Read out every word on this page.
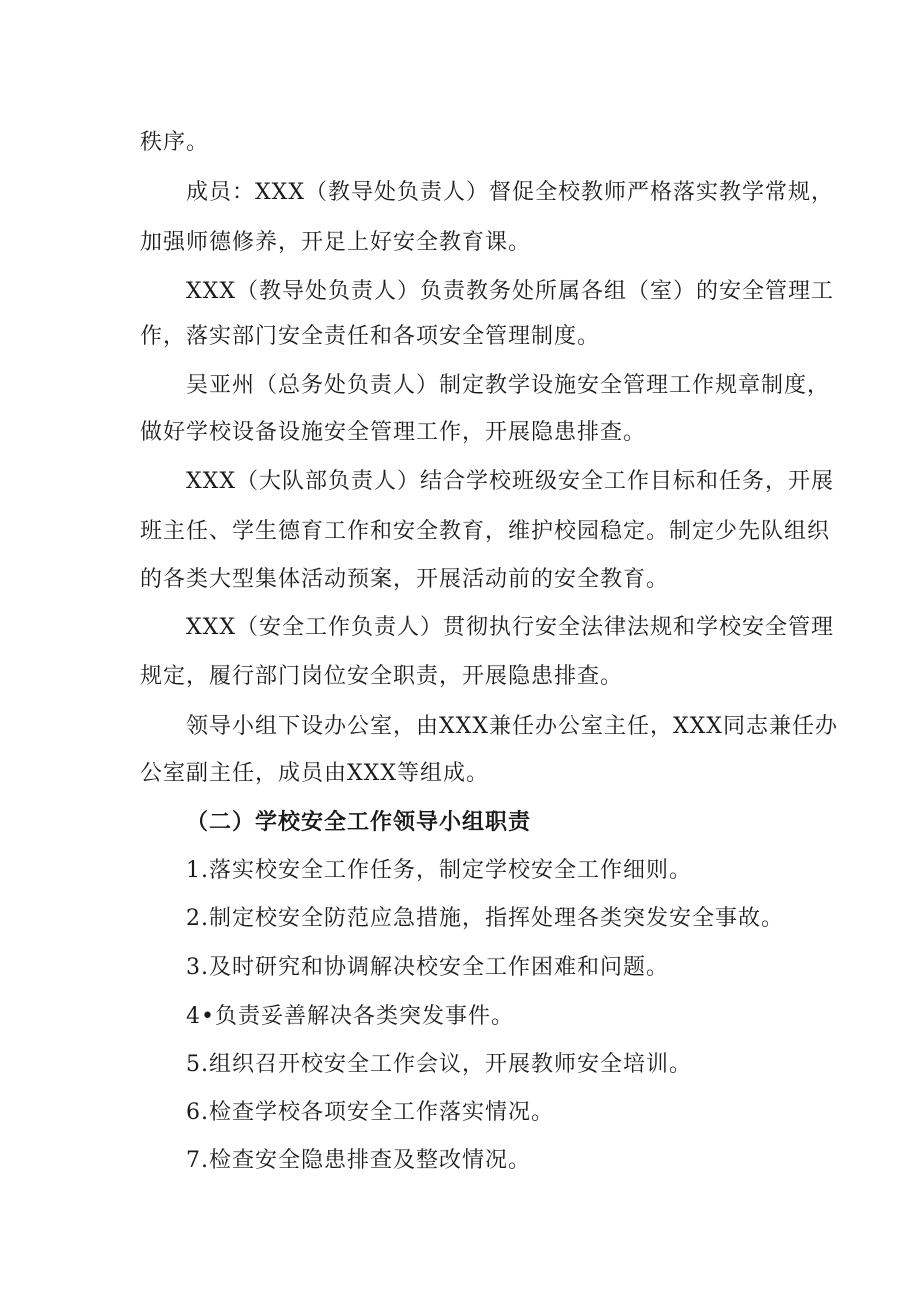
秩序。
成员：XXX（教导处负责人）督促全校教师严格落实教学常规，
加强师德修养，开足上好安全教育课。
XXX（教导处负责人）负责教务处所属各组（室）的安全管理工
作，落实部门安全责任和各项安全管理制度。
吴亚州（总务处负责人）制定教学设施安全管理工作规章制度，
做好学校设备设施安全管理工作，开展隐患排查。
XXX（大队部负责人）结合学校班级安全工作目标和任务，开展
班主任、学生德育工作和安全教育，维护校园稳定。制定少先队组织
的各类大型集体活动预案，开展活动前的安全教育。
XXX（安全工作负责人）贯彻执行安全法律法规和学校安全管理
规定，履行部门岗位安全职责，开展隐患排查。
领导小组下设办公室，由XXX兼任办公室主任，XXX同志兼任办
公室副主任，成员由XXX等组成。
（二）学校安全工作领导小组职责
1.落实校安全工作任务，制定学校安全工作细则。
2.制定校安全防范应急措施，指挥处理各类突发安全事故。
3.及时研究和协调解决校安全工作困难和问题。
4•负责妥善解决各类突发事件。
5.组织召开校安全工作会议，开展教师安全培训。
6.检查学校各项安全工作落实情况。
7.检查安全隐患排查及整改情况。
